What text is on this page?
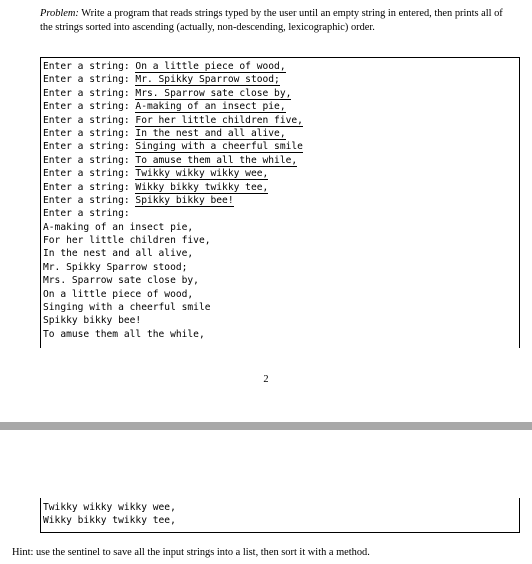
Problem: Write a program that reads strings typed by the user until an empty string in entered, then prints all of the strings sorted into ascending (actually, non-descending, lexicographic) order.
Enter a string: On a little piece of wood,
Enter a string: Mr. Spikky Sparrow stood;
Enter a string: Mrs. Sparrow sate close by,
Enter a string: A-making of an insect pie,
Enter a string: For her little children five,
Enter a string: In the nest and all alive,
Enter a string: Singing with a cheerful smile
Enter a string: To amuse them all the while,
Enter a string: Twikky wikky wikky wee,
Enter a string: Wikky bikky twikky tee,
Enter a string: Spikky bikky bee!
Enter a string:
A-making of an insect pie,
For her little children five,
In the nest and all alive,
Mr. Spikky Sparrow stood;
Mrs. Sparrow sate close by,
On a little piece of wood,
Singing with a cheerful smile
Spikky bikky bee!
To amuse them all the while,
2
Twikky wikky wikky wee,
Wikky bikky twikky tee,
Hint: use the sentinel to save all the input strings into a list, then sort it with a method.
